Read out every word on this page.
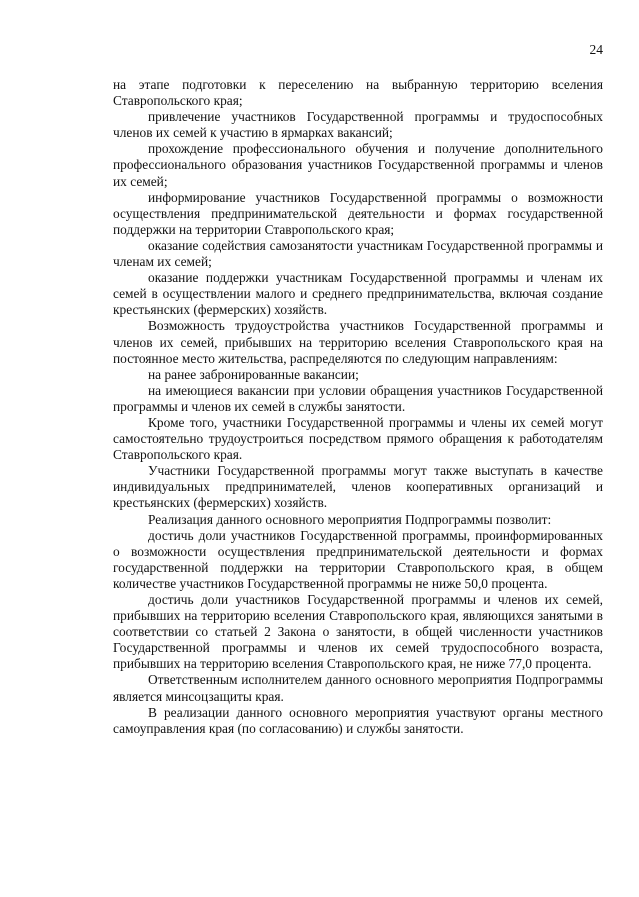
24

на этапе подготовки к переселению на выбранную территорию вселения Ставропольского края;

привлечение участников Государственной программы и трудоспособных членов их семей к участию в ярмарках вакансий;

прохождение профессионального обучения и получение дополнительного профессионального образования участников Государственной программы и членов их семей;

информирование участников Государственной программы о возможности осуществления предпринимательской деятельности и формах государственной поддержки на территории Ставропольского края;

оказание содействия самозанятости участникам Государственной программы и членам их семей;

оказание поддержки участникам Государственной программы и членам их семей в осуществлении малого и среднего предпринимательства, включая создание крестьянских (фермерских) хозяйств.

Возможность трудоустройства участников Государственной программы и членов их семей, прибывших на территорию вселения Ставропольского края на постоянное место жительства, распределяются по следующим направлениям:

на ранее забронированные вакансии;

на имеющиеся вакансии при условии обращения участников Государственной программы и членов их семей в службы занятости.

Кроме того, участники Государственной программы и члены их семей могут самостоятельно трудоустроиться посредством прямого обращения к работодателям Ставропольского края.

Участники Государственной программы могут также выступать в качестве индивидуальных предпринимателей, членов кооперативных организаций и крестьянских (фермерских) хозяйств.

Реализация данного основного мероприятия Подпрограммы позволит:

достичь доли участников Государственной программы, проинформированных о возможности осуществления предпринимательской деятельности и формах государственной поддержки на территории Ставропольского края, в общем количестве участников Государственной программы не ниже 50,0 процента.

достичь доли участников Государственной программы и членов их семей, прибывших на территорию вселения Ставропольского края, являющихся занятыми в соответствии со статьей 2 Закона о занятости, в общей численности участников Государственной программы и членов их семей трудоспособного возраста, прибывших на территорию вселения Ставропольского края, не ниже 77,0 процента.

Ответственным исполнителем данного основного мероприятия Подпрограммы является минсоцзащиты края.

В реализации данного основного мероприятия участвуют органы местного самоуправления края (по согласованию) и службы занятости.
